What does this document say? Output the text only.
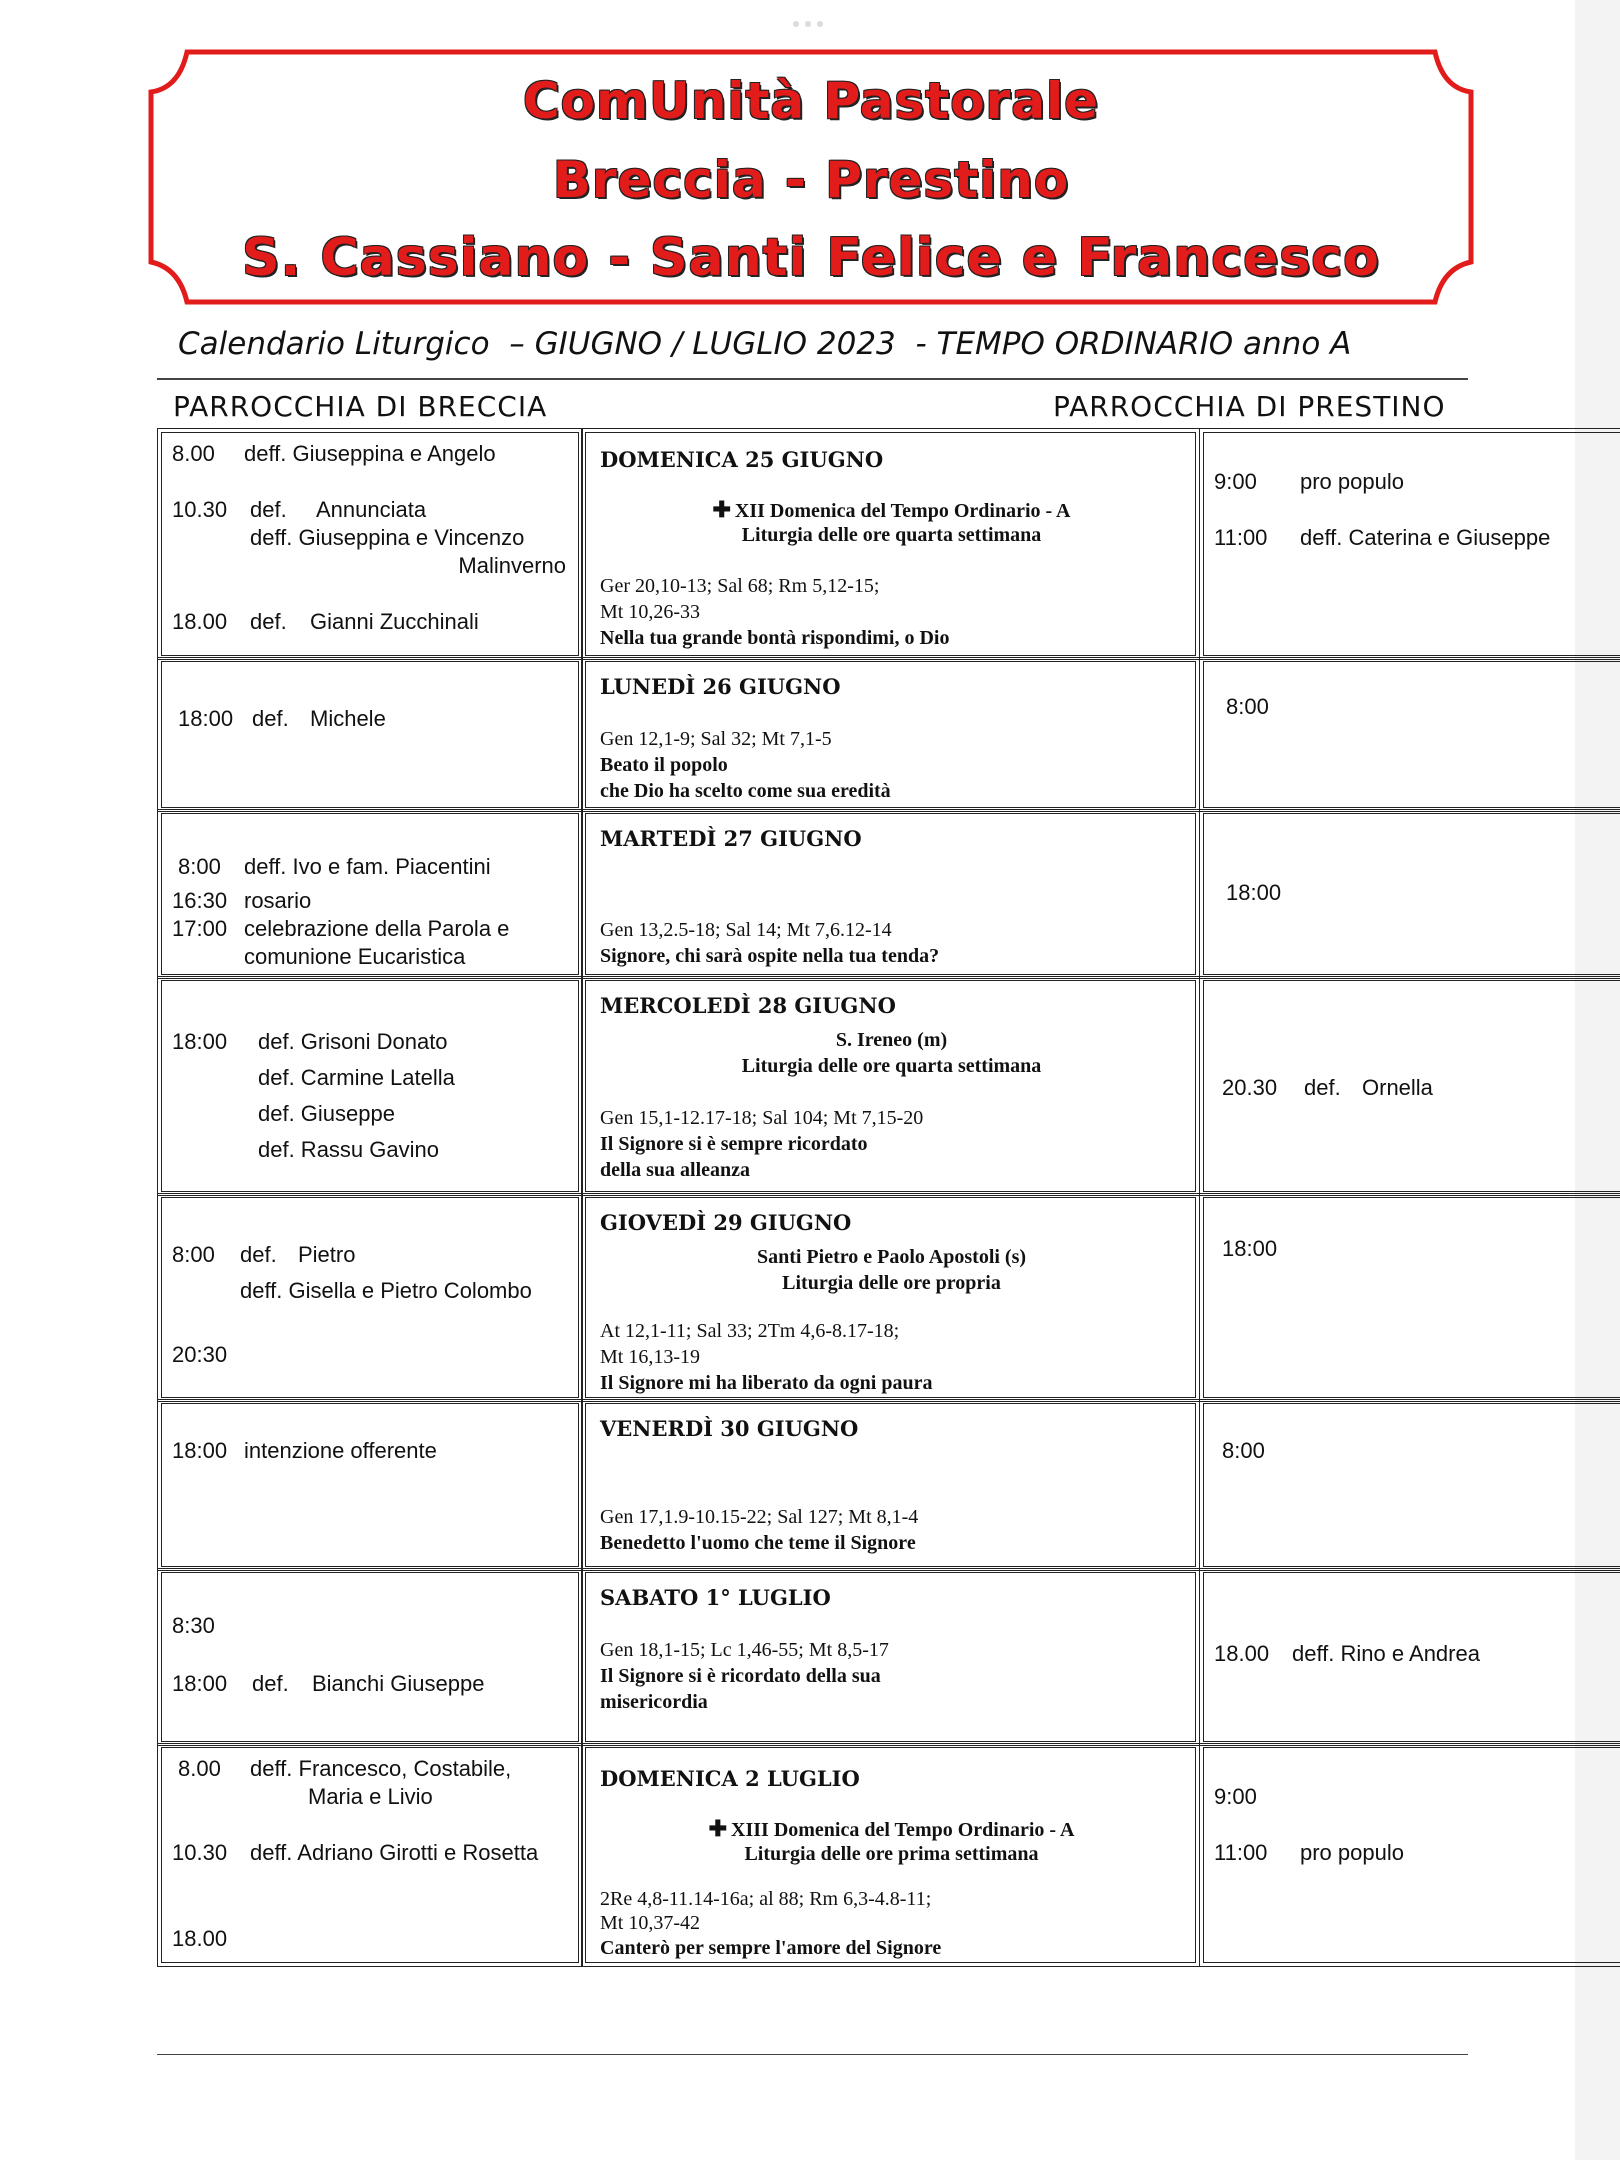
ComUnità Pastorale
Breccia - Prestino
S. Cassiano - Santi Felice e Francesco
Calendario Liturgico  – GIUGNO / LUGLIO 2023  - TEMPO ORDINARIO anno A
PARROCCHIA DI BRECCIA	PARROCCHIA DI PRESTINO
8.00 deff. Giuseppina e Angelo
10.30 def. Annunciata
deff. Giuseppina e Vincenzo
Malinverno
18.00 def. Gianni Zucchinali
DOMENICA 25 GIUGNO
✚ XII Domenica del Tempo Ordinario - A
Liturgia delle ore quarta settimana
Ger 20,10-13; Sal 68; Rm 5,12-15;
Mt 10,26-33
Nella tua grande bontà rispondimi, o Dio
9:00 pro populo
11:00 deff. Caterina e Giuseppe
18:00 def. Michele
LUNEDÌ 26 GIUGNO
Gen 12,1-9; Sal 32; Mt 7,1-5
Beato il popolo
che Dio ha scelto come sua eredità
8:00
8:00 deff. Ivo e fam. Piacentini
16:30 rosario
17:00 celebrazione della Parola e
comunione Eucaristica
MARTEDÌ 27 GIUGNO
Gen 13,2.5-18; Sal 14; Mt 7,6.12-14
Signore, chi sarà ospite nella tua tenda?
18:00
18:00 def. Grisoni Donato
def. Carmine Latella
def. Giuseppe
def. Rassu Gavino
MERCOLEDÌ 28 GIUGNO
S. Ireneo (m)
Liturgia delle ore quarta settimana
Gen 15,1-12.17-18; Sal 104; Mt 7,15-20
Il Signore si è sempre ricordato
della sua alleanza
20.30 def. Ornella
8:00 def. Pietro
deff. Gisella e Pietro Colombo
20:30
GIOVEDÌ 29 GIUGNO
Santi Pietro e Paolo Apostoli (s)
Liturgia delle ore propria
At 12,1-11; Sal 33; 2Tm 4,6-8.17-18;
Mt 16,13-19
Il Signore mi ha liberato da ogni paura
18:00
18:00 intenzione offerente
VENERDÌ 30 GIUGNO
Gen 17,1.9-10.15-22; Sal 127; Mt 8,1-4
Benedetto l'uomo che teme il Signore
8:00
8:30
18:00 def. Bianchi Giuseppe
SABATO 1° LUGLIO
Gen 18,1-15; Lc 1,46-55; Mt 8,5-17
Il Signore si è ricordato della sua
misericordia
18.00 deff. Rino e Andrea
8.00 deff. Francesco, Costabile,
Maria e Livio
10.30 deff. Adriano Girotti e Rosetta
18.00
DOMENICA 2 LUGLIO
✚ XIII Domenica del Tempo Ordinario - A
Liturgia delle ore prima settimana
2Re 4,8-11.14-16a; al 88; Rm 6,3-4.8-11;
Mt 10,37-42
Canterò per sempre l'amore del Signore
9:00
11:00 pro populo
